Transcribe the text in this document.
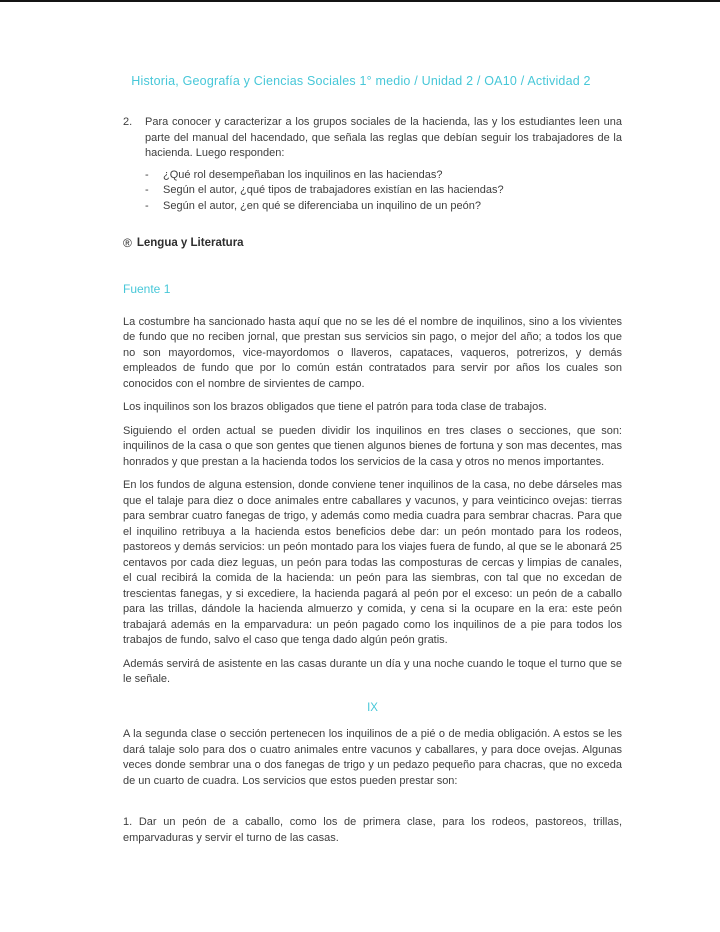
Historia, Geografía y Ciencias Sociales 1° medio / Unidad 2 / OA10 / Actividad 2
2.	Para conocer y caracterizar a los grupos sociales de la hacienda, las y los estudiantes leen una parte del manual del hacendado, que señala las reglas que debían seguir los trabajadores de la hacienda. Luego responden:

-	¿Qué rol desempeñaban los inquilinos en las haciendas?
-	Según el autor, ¿qué tipos de trabajadores existían en las haciendas?
-	Según el autor, ¿en qué se diferenciaba un inquilino de un peón?
® Lengua y Literatura
Fuente 1

La costumbre ha sancionado hasta aquí que no se les dé el nombre de inquilinos, sino a los vivientes de fundo que no reciben jornal, que prestan sus servicios sin pago, o mejor del año; a todos los que no son mayordomos, vice-mayordomos o llaveros, capataces, vaqueros, potrerizos, y demás empleados de fundo que por lo común están contratados para servir por años los cuales son conocidos con el nombre de sirvientes de campo.

Los inquilinos son los brazos obligados que tiene el patrón para toda clase de trabajos.

Siguiendo el orden actual se pueden dividir los inquilinos en tres clases o secciones, que son: inquilinos de la casa o que son gentes que tienen algunos bienes de fortuna y son mas decentes, mas honrados y que prestan a la hacienda todos los servicios de la casa y otros no menos importantes.

En los fundos de alguna estension, donde conviene tener inquilinos de la casa, no debe dárseles mas que el talaje para diez o doce animales entre caballares y vacunos, y para veinticinco ovejas: tierras para sembrar cuatro fanegas de trigo, y además como media cuadra para sembrar chacras. Para que el inquilino retribuya a la hacienda estos beneficios debe dar: un peón montado para los rodeos, pastoreos y demás servicios: un peón montado para los viajes fuera de fundo, al que se le abonará 25 centavos por cada diez leguas, un peón para todas las composturas de cercas y limpias de canales, el cual recibirá la comida de la hacienda: un peón para las siembras, con tal que no excedan de trescientas fanegas, y si excediere, la hacienda pagará al peón por el exceso: un peón de a caballo para las trillas, dándole la hacienda almuerzo y comida, y cena si la ocupare en la era: este peón trabajará además en la emparvadura: un peón pagado como los inquilinos de a pie para todos los trabajos de fundo, salvo el caso que tenga dado algún peón gratis.

Además servirá de asistente en las casas durante un día y una noche cuando le toque el turno que se le señale.

IX

A la segunda clase o sección pertenecen los inquilinos de a pié o de media obligación. A estos se les dará talaje solo para dos o cuatro animales entre vacunos y caballares, y para doce ovejas. Algunas veces donde sembrar una o dos fanegas de trigo y un pedazo pequeño para chacras, que no exceda de un cuarto de cuadra. Los servicios que estos pueden prestar son:

1. Dar un peón de a caballo, como los de primera clase, para los rodeos, pastoreos, trillas, emparvaduras y servir el turno de las casas.
